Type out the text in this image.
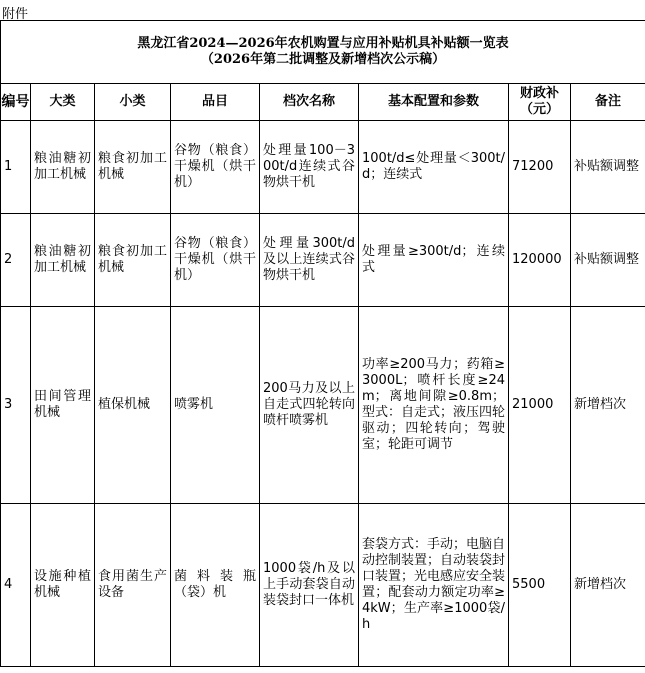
附件
黑龙江省2024—2026年农机购置与应用补贴机具补贴额一览表
（2026年第二批调整及新增档次公示稿）							

编号	大类	小类	品目	档次名称	基本配置和参数	财政补（元）	备注
1	粮油糖初加工机械	粮食初加工机械	谷物（粮食）干燥机（烘干机）	处理量100－300t/d连续式谷物烘干机	100t/d≤处理量＜300t/d；连续式	71200	补贴额调整
2	粮油糖初加工机械	粮食初加工机械	谷物（粮食）干燥机（烘干机）	处理量300t/d及以上连续式谷物烘干机	处理量≥300t/d；连续式	120000	补贴额调整
3	田间管理机械	植保机械	喷雾机	200马力及以上自走式四轮转向喷杆喷雾机	功率≥200马力；药箱≥3000L；喷杆长度≥24m；离地间隙≥0.8m；型式：自走式；液压四轮驱动；四轮转向；驾驶室；轮距可调节	21000	新增档次
4	设施种植机械	食用菌生产设备	菌料装瓶（袋）机	1000袋/h及以上手动套袋自动装袋封口一体机	套袋方式：手动；电脑自动控制装置；自动装袋封口装置；光电感应安全装置；配套动力额定功率≥4kW；生产率≥1000袋/h	5500	新增档次
